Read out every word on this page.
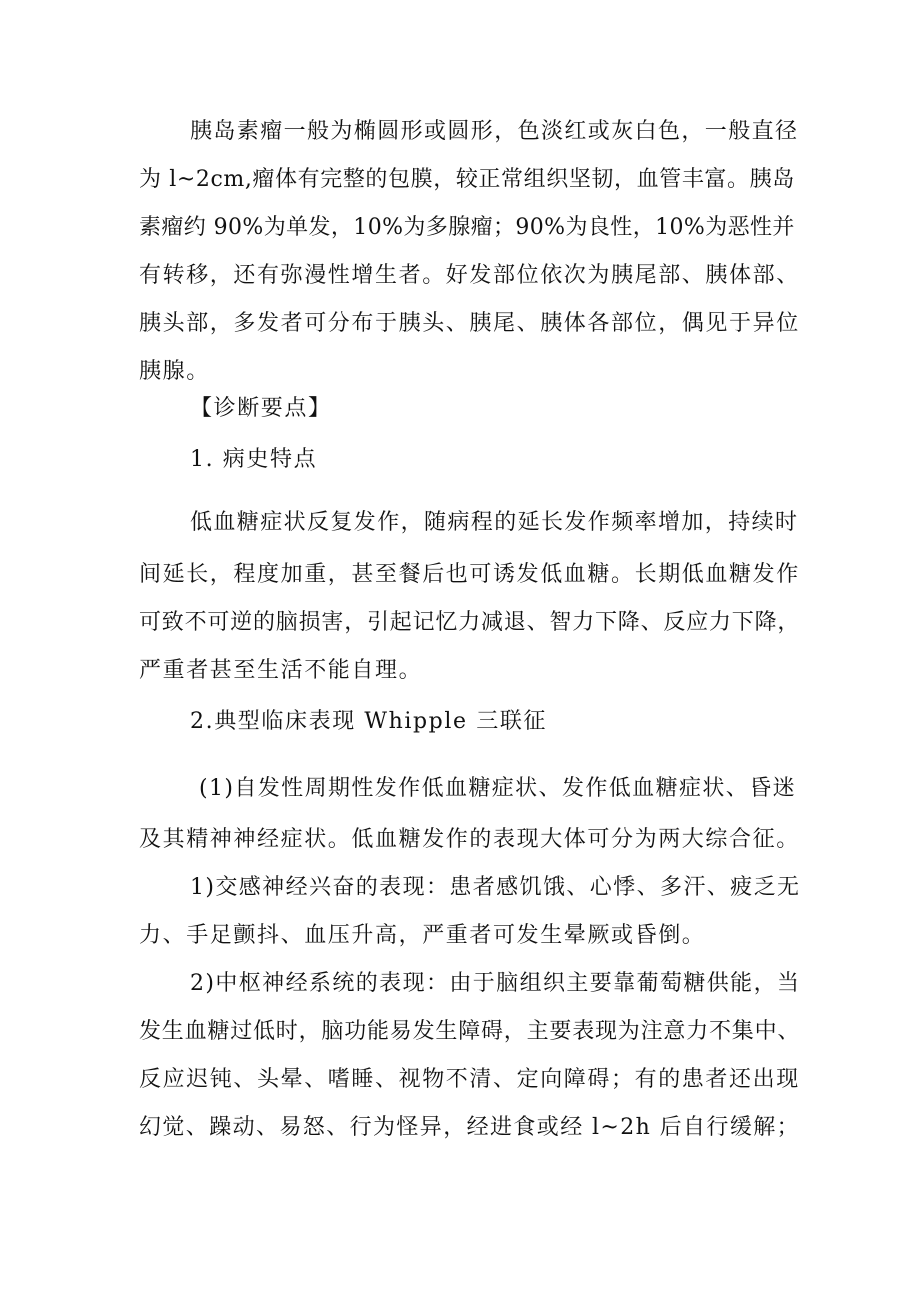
胰岛素瘤一般为椭圆形或圆形，色淡红或灰白色，一般直径
为 l~2cm,瘤体有完整的包膜，较正常组织坚韧，血管丰富。胰岛
素瘤约 90%为单发，10%为多腺瘤；90%为良性，10%为恶性并
有转移，还有弥漫性增生者。好发部位依次为胰尾部、胰体部、
胰头部，多发者可分布于胰头、胰尾、胰体各部位，偶见于异位
胰腺。
【诊断要点】
1. 病史特点
低血糖症状反复发作，随病程的延长发作频率增加，持续时
间延长，程度加重，甚至餐后也可诱发低血糖。长期低血糖发作
可致不可逆的脑损害，引起记忆力减退、智力下降、反应力下降，
严重者甚至生活不能自理。
2.典型临床表现 Whipple 三联征
(1)自发性周期性发作低血糖症状、发作低血糖症状、昏迷
及其精神神经症状。低血糖发作的表现大体可分为两大综合征。
1)交感神经兴奋的表现：患者感饥饿、心悸、多汗、疲乏无
力、手足颤抖、血压升高，严重者可发生晕厥或昏倒。
2)中枢神经系统的表现：由于脑组织主要靠葡萄糖供能，当
发生血糖过低时，脑功能易发生障碍，主要表现为注意力不集中、
反应迟钝、头晕、嗜睡、视物不清、定向障碍；有的患者还出现
幻觉、躁动、易怒、行为怪异，经进食或经 l~2h 后自行缓解；
